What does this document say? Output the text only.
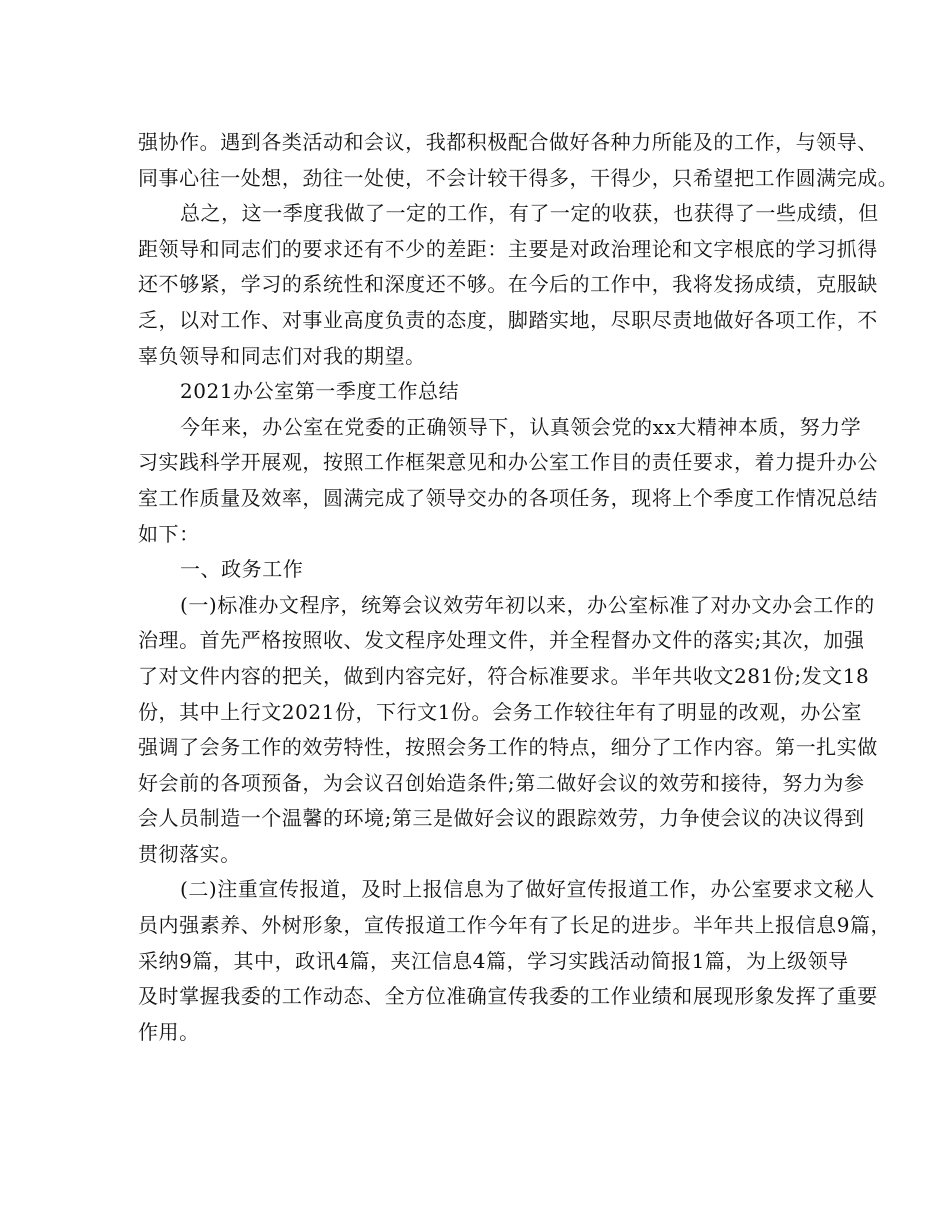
强协作。遇到各类活动和会议，我都积极配合做好各种力所能及的工作，与领导、
同事心往一处想，劲往一处使，不会计较干得多，干得少，只希望把工作圆满完成。
总之，这一季度我做了一定的工作，有了一定的收获，也获得了一些成绩，但
距领导和同志们的要求还有不少的差距：主要是对政治理论和文字根底的学习抓得
还不够紧，学习的系统性和深度还不够。在今后的工作中，我将发扬成绩，克服缺
乏，以对工作、对事业高度负责的态度，脚踏实地，尽职尽责地做好各项工作，不
辜负领导和同志们对我的期望。
2021办公室第一季度工作总结
今年来，办公室在党委的正确领导下，认真领会党的xx大精神本质，努力学
习实践科学开展观，按照工作框架意见和办公室工作目的责任要求，着力提升办公
室工作质量及效率，圆满完成了领导交办的各项任务，现将上个季度工作情况总结
如下：
一、政务工作
(一)标准办文程序，统筹会议效劳年初以来，办公室标准了对办文办会工作的
治理。首先严格按照收、发文程序处理文件，并全程督办文件的落实;其次，加强
了对文件内容的把关，做到内容完好，符合标准要求。半年共收文281份;发文18
份，其中上行文2021份，下行文1份。会务工作较往年有了明显的改观，办公室
强调了会务工作的效劳特性，按照会务工作的特点，细分了工作内容。第一扎实做
好会前的各项预备，为会议召创始造条件;第二做好会议的效劳和接待，努力为参
会人员制造一个温馨的环境;第三是做好会议的跟踪效劳，力争使会议的决议得到
贯彻落实。
(二)注重宣传报道，及时上报信息为了做好宣传报道工作，办公室要求文秘人
员内强素养、外树形象，宣传报道工作今年有了长足的进步。半年共上报信息9篇，
采纳9篇，其中，政讯4篇，夹江信息4篇，学习实践活动简报1篇，为上级领导
及时掌握我委的工作动态、全方位准确宣传我委的工作业绩和展现形象发挥了重要
作用。
